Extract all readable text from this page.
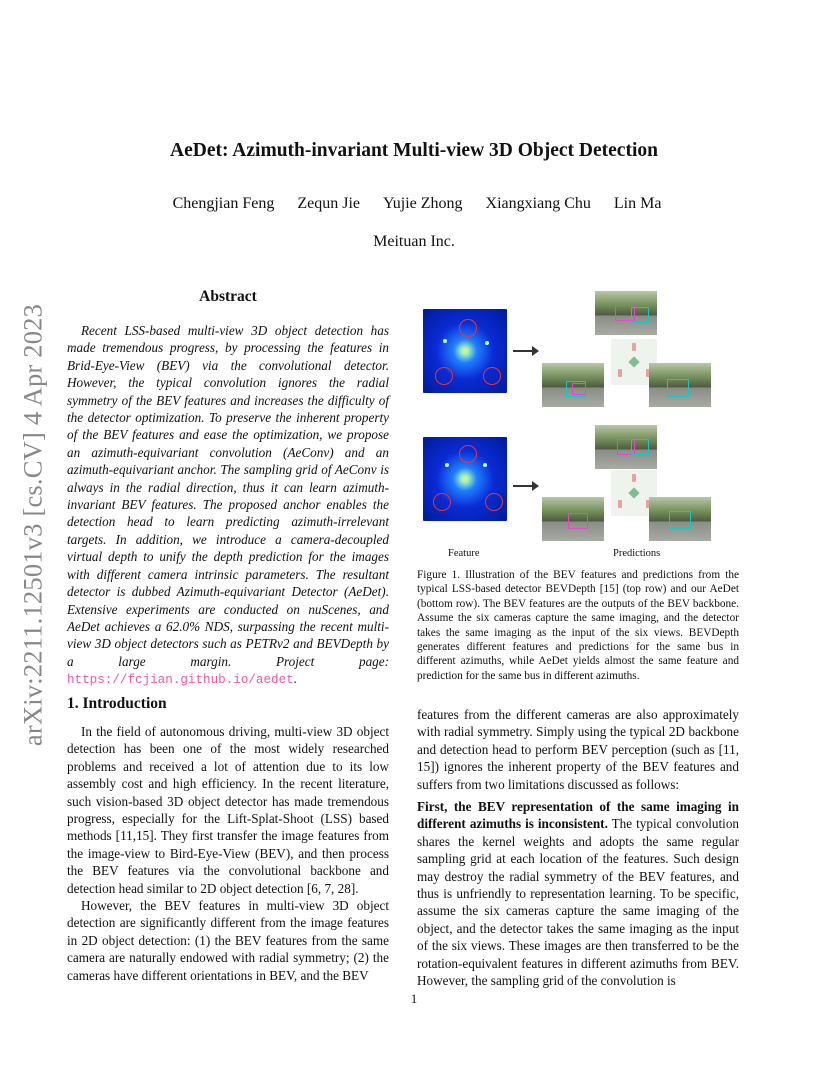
arXiv:2211.12501v3 [cs.CV] 4 Apr 2023
AeDet: Azimuth-invariant Multi-view 3D Object Detection
Chengjian Feng Zequn Jie Yujie Zhong Xiangxiang Chu Lin Ma
Meituan Inc.
Abstract
Recent LSS-based multi-view 3D object detection has made tremendous progress, by processing the features in Brid-Eye-View (BEV) via the convolutional detector. However, the typical convolution ignores the radial symmetry of the BEV features and increases the difficulty of the detector optimization. To preserve the inherent property of the BEV features and ease the optimization, we propose an azimuth-equivariant convolution (AeConv) and an azimuth-equivariant anchor. The sampling grid of AeConv is always in the radial direction, thus it can learn azimuth-invariant BEV features. The proposed anchor enables the detection head to learn predicting azimuth-irrelevant targets. In addition, we introduce a camera-decoupled virtual depth to unify the depth prediction for the images with different camera intrinsic parameters. The resultant detector is dubbed Azimuth-equivariant Detector (AeDet). Extensive experiments are conducted on nuScenes, and AeDet achieves a 62.0% NDS, surpassing the recent multi-view 3D object detectors such as PETRv2 and BEVDepth by a large margin. Project page: https://fcjian.github.io/aedet.
1. Introduction

In the field of autonomous driving, multi-view 3D object detection has been one of the most widely researched problems and received a lot of attention due to its low assembly cost and high efficiency. In the recent literature, such vision-based 3D object detector has made tremendous progress, especially for the Lift-Splat-Shoot (LSS) based methods [11,15]. They first transfer the image features from the image-view to Bird-Eye-View (BEV), and then process the BEV features via the convolutional backbone and detection head similar to 2D object detection [6, 7, 28].

However, the BEV features in multi-view 3D object detection are significantly different from the image features in 2D object detection: (1) the BEV features from the same camera are naturally endowed with radial symmetry; (2) the cameras have different orientations in BEV, and the BEV

Feature	Predictions
Figure 1. Illustration of the BEV features and predictions from the typical LSS-based detector BEVDepth [15] (top row) and our AeDet (bottom row). The BEV features are the outputs of the BEV backbone. Assume the six cameras capture the same imaging, and the detector takes the same imaging as the input of the six views. BEVDepth generates different features and predictions for the same bus in different azimuths, while AeDet yields almost the same feature and prediction for the same bus in different azimuths.

features from the different cameras are also approximately with radial symmetry. Simply using the typical 2D backbone and detection head to perform BEV perception (such as [11, 15]) ignores the inherent property of the BEV features and suffers from two limitations discussed as follows:

First, the BEV representation of the same imaging in different azimuths is inconsistent. The typical convolution shares the kernel weights and adopts the same regular sampling grid at each location of the features. Such design may destroy the radial symmetry of the BEV features, and thus is unfriendly to representation learning. To be specific, assume the six cameras capture the same imaging of the object, and the detector takes the same imaging as the input of the six views. These images are then transferred to be the rotation-equivalent features in different azimuths from BEV. However, the sampling grid of the convolution is

1
